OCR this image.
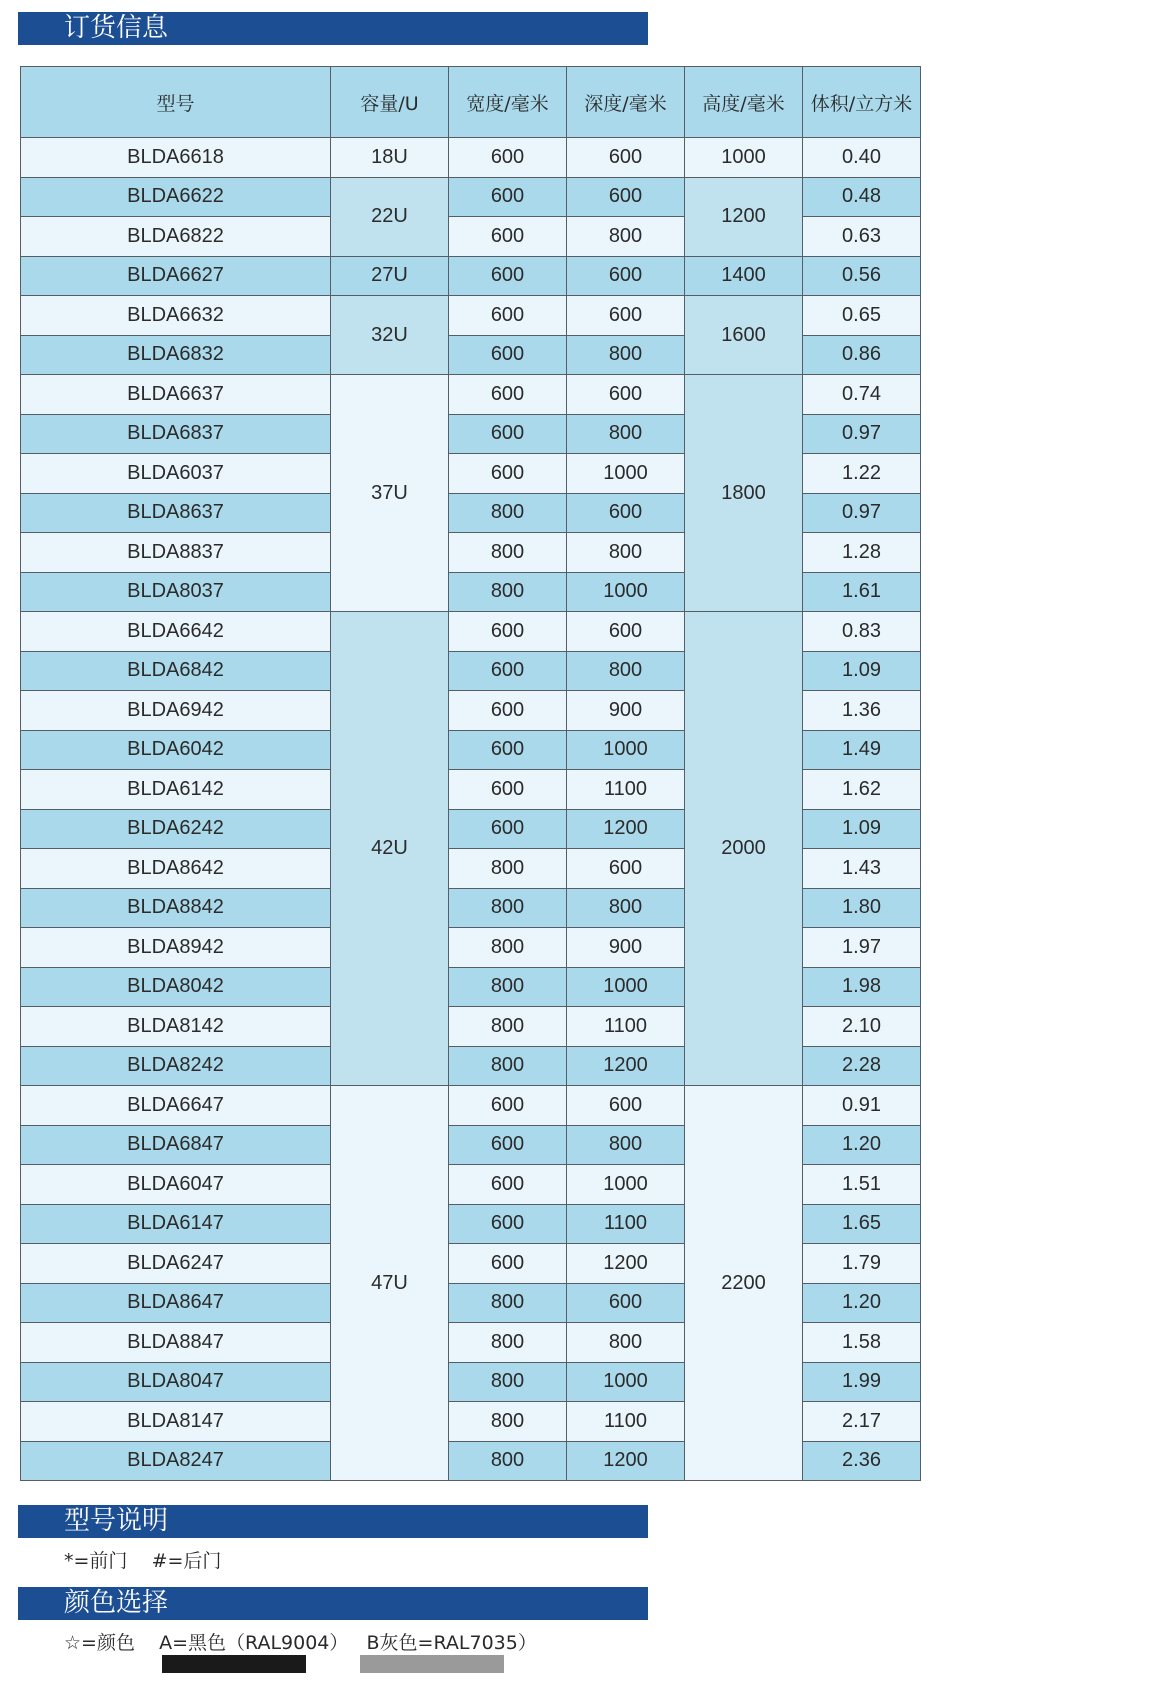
订货信息
型号	容量/U	宽度/毫米	深度/毫米	高度/毫米	体积/立方米
BLDA6618	18U	600	600	1000	0.40
BLDA6622	22U	600	600	1200	0.48
BLDA6822		600	800		0.63
BLDA6627	27U	600	600	1400	0.56
BLDA6632	32U	600	600	1600	0.65
BLDA6832		600	800		0.86
BLDA6637	37U	600	600	1800	0.74
BLDA6837		600	800		0.97
BLDA6037		600	1000		1.22
BLDA8637		800	600		0.97
BLDA8837		800	800		1.28
BLDA8037		800	1000		1.61
BLDA6642	42U	600	600	2000	0.83
BLDA6842		600	800		1.09
BLDA6942		600	900		1.36
BLDA6042		600	1000		1.49
BLDA6142		600	1100		1.62
BLDA6242		600	1200		1.09
BLDA8642		800	600		1.43
BLDA8842		800	800		1.80
BLDA8942		800	900		1.97
BLDA8042		800	1000		1.98
BLDA8142		800	1100		2.10
BLDA8242		800	1200		2.28
BLDA6647	47U	600	600	2200	0.91
BLDA6847		600	800		1.20
BLDA6047		600	1000		1.51
BLDA6147		600	1100		1.65
BLDA6247		600	1200		1.79
BLDA8647		800	600		1.20
BLDA8847		800	800		1.58
BLDA8047		800	1000		1.99
BLDA8147		800	1100		2.17
BLDA8247		800	1200		2.36
型号说明
*=前门    #=后门
颜色选择
☆=颜色    A=黑色（RAL9004）   B灰色=RAL7035）
